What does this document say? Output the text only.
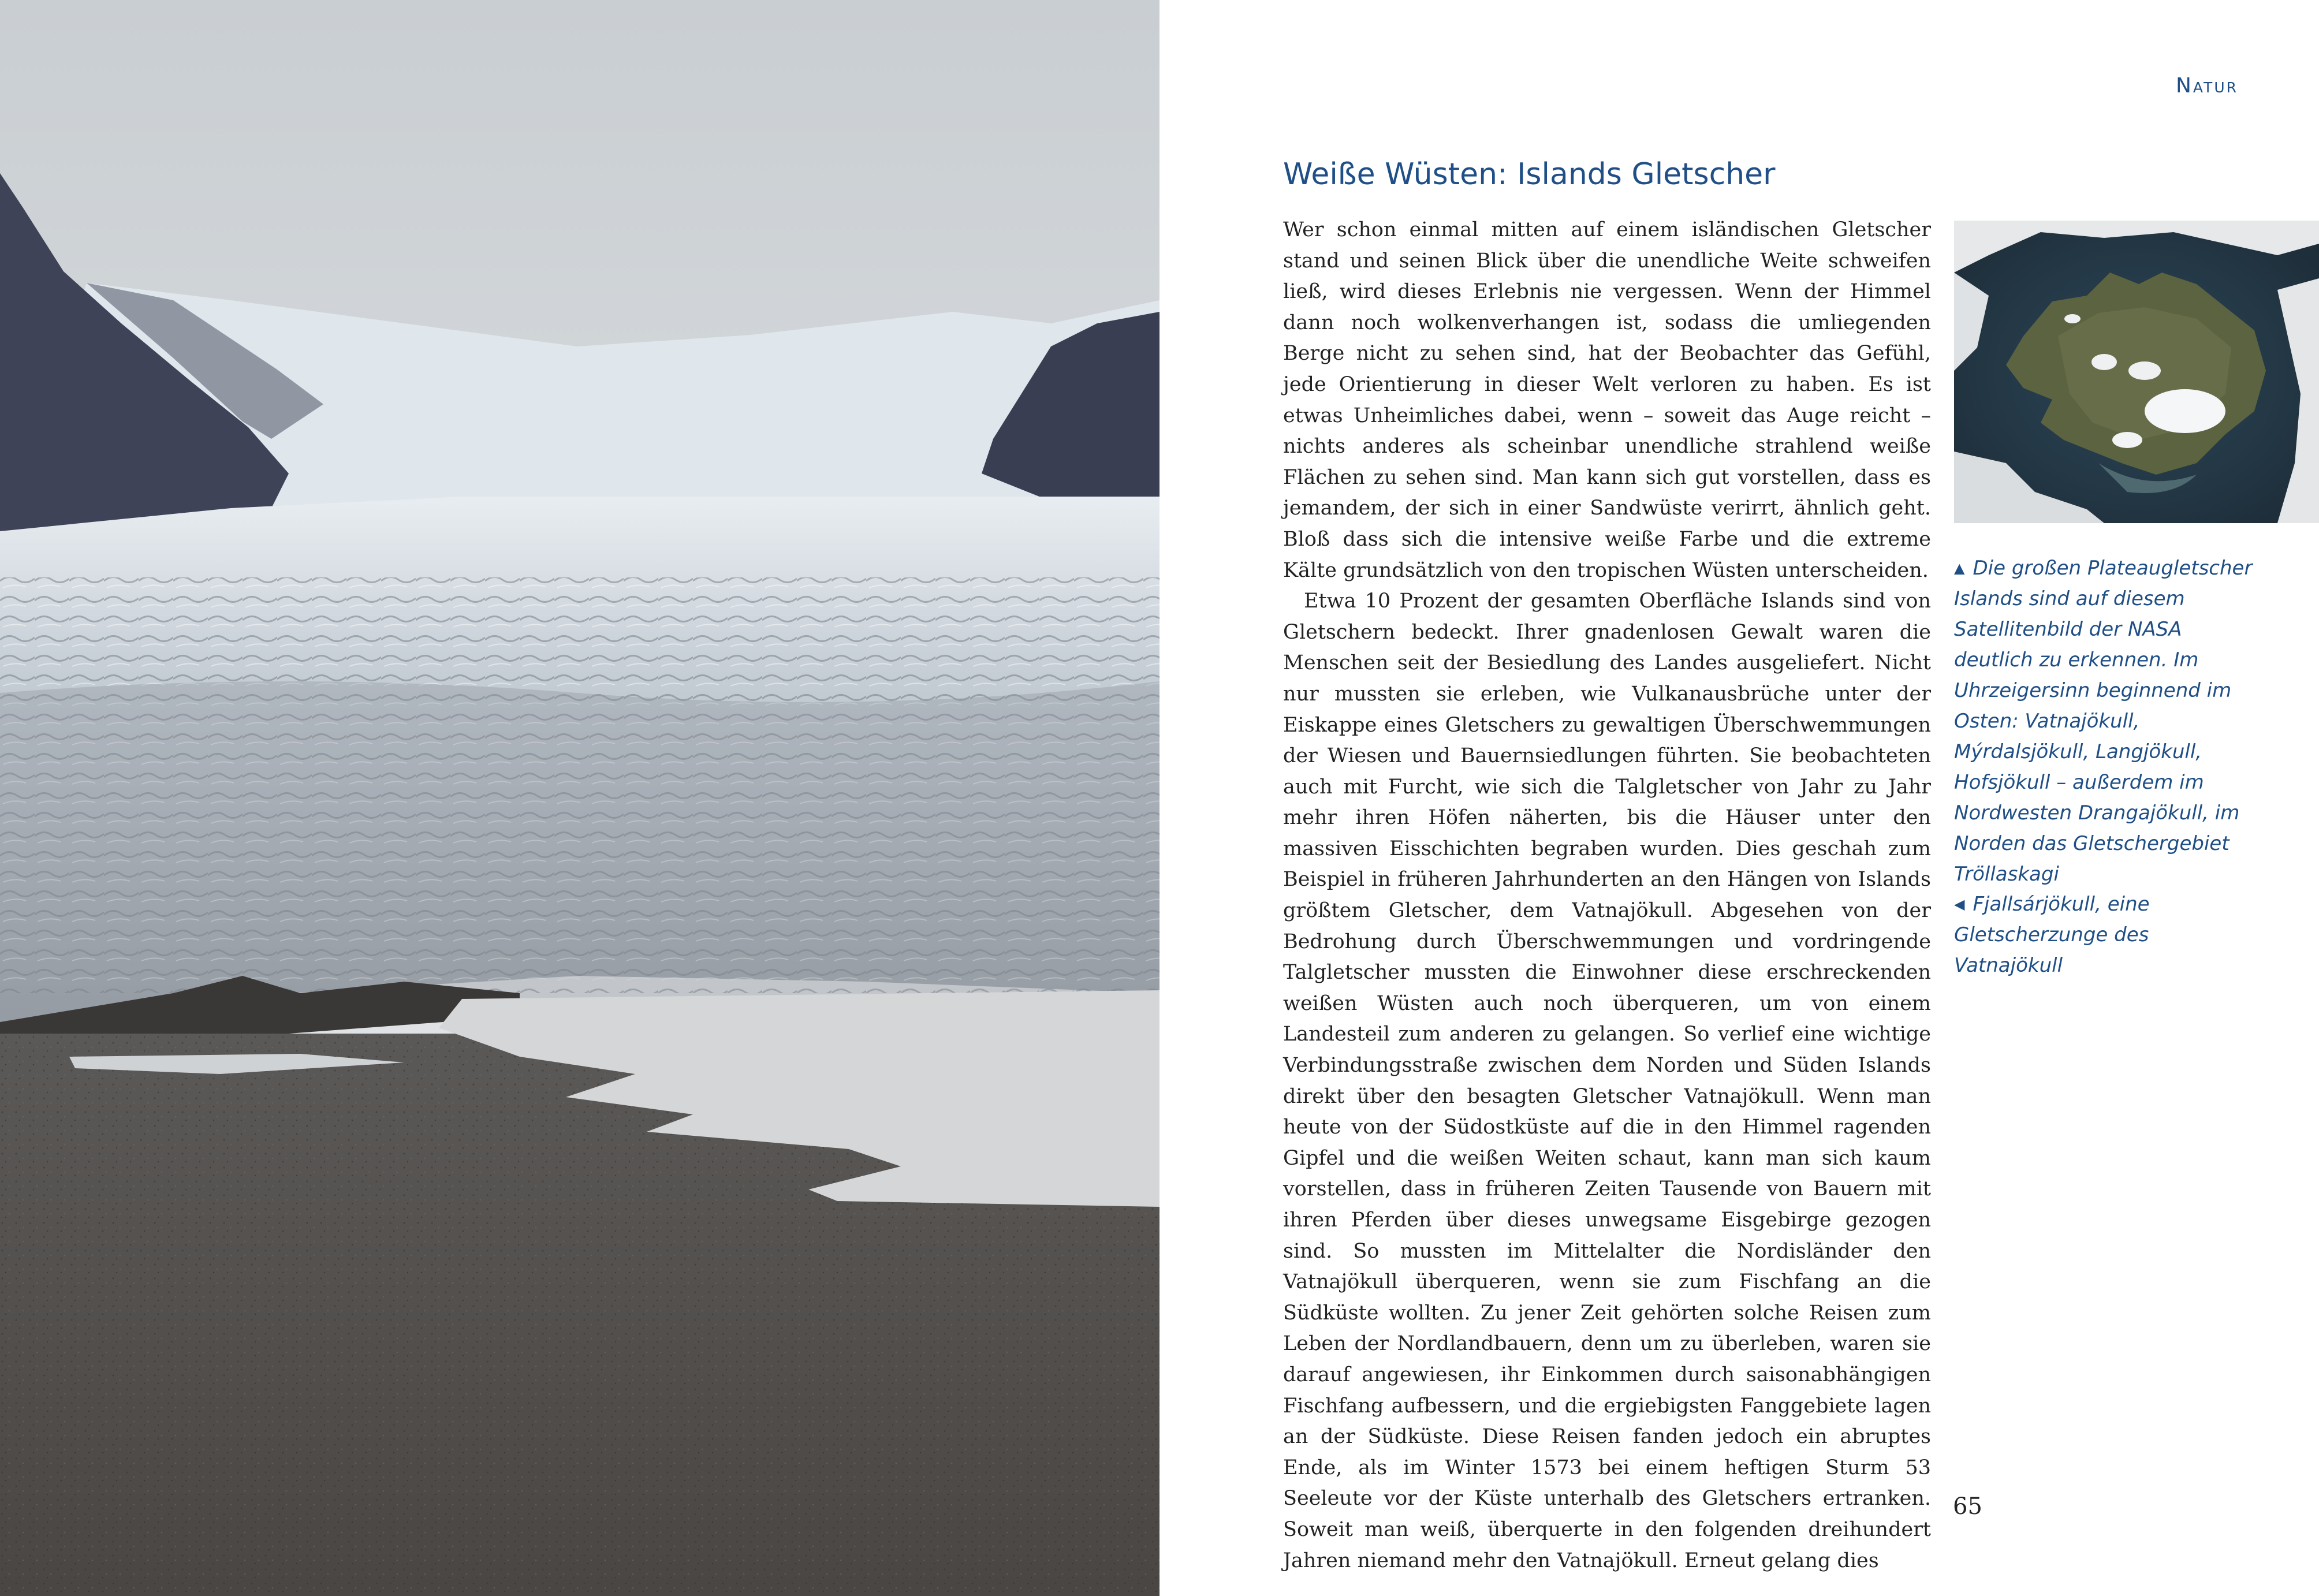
Natur
Weiße Wüsten: Islands Gletscher

Wer schon einmal mitten auf einem isländischen Gletscher stand und seinen Blick über die unendliche Weite schweifen ließ, wird dieses Erlebnis nie vergessen. Wenn der Himmel dann noch wolkenverhangen ist, sodass die umliegenden Berge nicht zu sehen sind, hat der Beobachter das Gefühl, jede Orientierung in dieser Welt verloren zu haben. Es ist etwas Unheimliches dabei, wenn – soweit das Auge reicht – nichts anderes als scheinbar unendliche strahlend weiße Flächen zu sehen sind. Man kann sich gut vorstellen, dass es jemandem, der sich in einer Sandwüste verirrt, ähnlich geht. Bloß dass sich die intensive weiße Farbe und die extreme Kälte grundsätzlich von den tropischen Wüsten unterscheiden.

Etwa 10 Prozent der gesamten Oberfläche Islands sind von Gletschern bedeckt. Ihrer gnadenlosen Gewalt waren die Menschen seit der Besiedlung des Landes ausgeliefert. Nicht nur mussten sie erleben, wie Vulkanausbrüche unter der Eiskappe eines Gletschers zu gewaltigen Überschwemmungen der Wiesen und Bauernsiedlungen führten. Sie beobachteten auch mit Furcht, wie sich die Talgletscher von Jahr zu Jahr mehr ihren Höfen näherten, bis die Häuser unter den massiven Eisschichten begraben wurden. Dies geschah zum Beispiel in früheren Jahrhunderten an den Hängen von Islands größtem Gletscher, dem Vatnajökull. Abgesehen von der Bedrohung durch Überschwemmungen und vordringende Talgletscher mussten die Einwohner diese erschreckenden weißen Wüsten auch noch überqueren, um von einem Landesteil zum anderen zu gelangen. So verlief eine wichtige Verbindungsstraße zwischen dem Norden und Süden Islands direkt über den besagten Gletscher Vatnajökull. Wenn man heute von der Südostküste auf die in den Himmel ragenden Gipfel und die weißen Weiten schaut, kann man sich kaum vorstellen, dass in früheren Zeiten Tausende von Bauern mit ihren Pferden über dieses unwegsame Eisgebirge gezogen sind. So mussten im Mittelalter die Nordisländer den Vatnajökull überqueren, wenn sie zum Fischfang an die Südküste wollten. Zu jener Zeit gehörten solche Reisen zum Leben der Nordlandbauern, denn um zu überleben, waren sie darauf angewiesen, ihr Einkommen durch saisonabhängigen Fischfang aufbessern, und die ergiebigsten Fanggebiete lagen an der Südküste. Diese Reisen fanden jedoch ein abruptes Ende, als im Winter 1573 bei einem heftigen Sturm 53 Seeleute vor der Küste unterhalb des Gletschers ertranken. Soweit man weiß, überquerte in den folgenden dreihundert Jahren niemand mehr den Vatnajökull. Erneut gelang dies

▲ Die großen Plateaugletscher Islands sind auf diesem Satellitenbild der NASA deutlich zu erkennen. Im Uhrzeigersinn beginnend im Osten: Vatnajökull, Mýrdalsjökull, Langjökull, Hofsjökull – außerdem im Nordwesten Drangajökull, im Norden das Gletschergebiet Tröllaskagi
◀ Fjallsárjökull, eine Gletscherzunge des Vatnajökull
65
